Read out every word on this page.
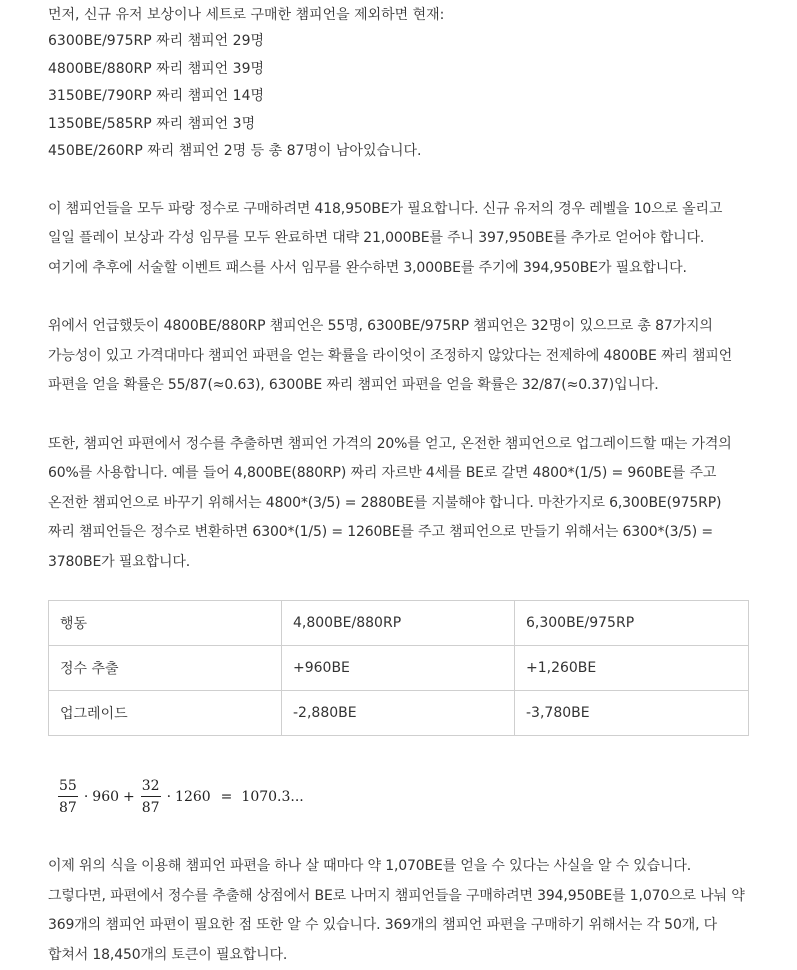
먼저, 신규 유저 보상이나 세트로 구매한 챔피언을 제외하면 현재:
6300BE/975RP 짜리 챔피언 29명
4800BE/880RP 짜리 챔피언 39명
3150BE/790RP 짜리 챔피언 14명
1350BE/585RP 짜리 챔피언 3명
450BE/260RP 짜리 챔피언 2명 등 총 87명이 남아있습니다.

이 챔피언들을 모두 파랑 정수로 구매하려면 418,950BE가 필요합니다. 신규 유저의 경우 레벨을 10으로 올리고 일일 플레이 보상과 각성 임무를 모두 완료하면 대략 21,000BE를 주니 397,950BE를 추가로 얻어야 합니다. 여기에 추후에 서술할 이벤트 패스를 사서 임무를 완수하면 3,000BE를 주기에 394,950BE가 필요합니다.

위에서 언급했듯이 4800BE/880RP 챔피언은 55명, 6300BE/975RP 챔피언은 32명이 있으므로 총 87가지의 가능성이 있고 가격대마다 챔피언 파편을 얻는 확률을 라이엇이 조정하지 않았다는 전제하에 4800BE 짜리 챔피언 파편을 얻을 확률은 55/87(≈0.63), 6300BE 짜리 챔피언 파편을 얻을 확률은 32/87(≈0.37)입니다.

또한, 챔피언 파편에서 정수를 추출하면 챔피언 가격의 20%를 얻고, 온전한 챔피언으로 업그레이드할 때는 가격의 60%를 사용합니다. 예를 들어 4,800BE(880RP) 짜리 자르반 4세를 BE로 갈면 4800*(1/5) = 960BE를 주고 온전한 챔피언으로 바꾸기 위해서는 4800*(3/5) = 2880BE를 지불해야 합니다. 마찬가지로 6,300BE(975RP) 짜리 챔피언들은 정수로 변환하면 6300*(1/5) = 1260BE를 주고 챔피언으로 만들기 위해서는 6300*(3/5) = 3780BE가 필요합니다.

행동	4,800BE/880RP	6,300BE/975RP
정수 추출	+960BE	+1,260BE
업그레이드	-2,880BE	-3,780BE
$\frac{55}{87} \cdot 960 + \frac{32}{87} \cdot 1260 = 1070.3$...

이제 위의 식을 이용해 챔피언 파편을 하나 살 때마다 약 1,070BE를 얻을 수 있다는 사실을 알 수 있습니다. 그렇다면, 파편에서 정수를 추출해 상점에서 BE로 나머지 챔피언들을 구매하려면 394,950BE를 1,070으로 나눠 약 369개의 챔피언 파편이 필요한 점 또한 알 수 있습니다. 369개의 챔피언 파편을 구매하기 위해서는 각 50개, 다 합쳐서 18,450개의 토큰이 필요합니다.
